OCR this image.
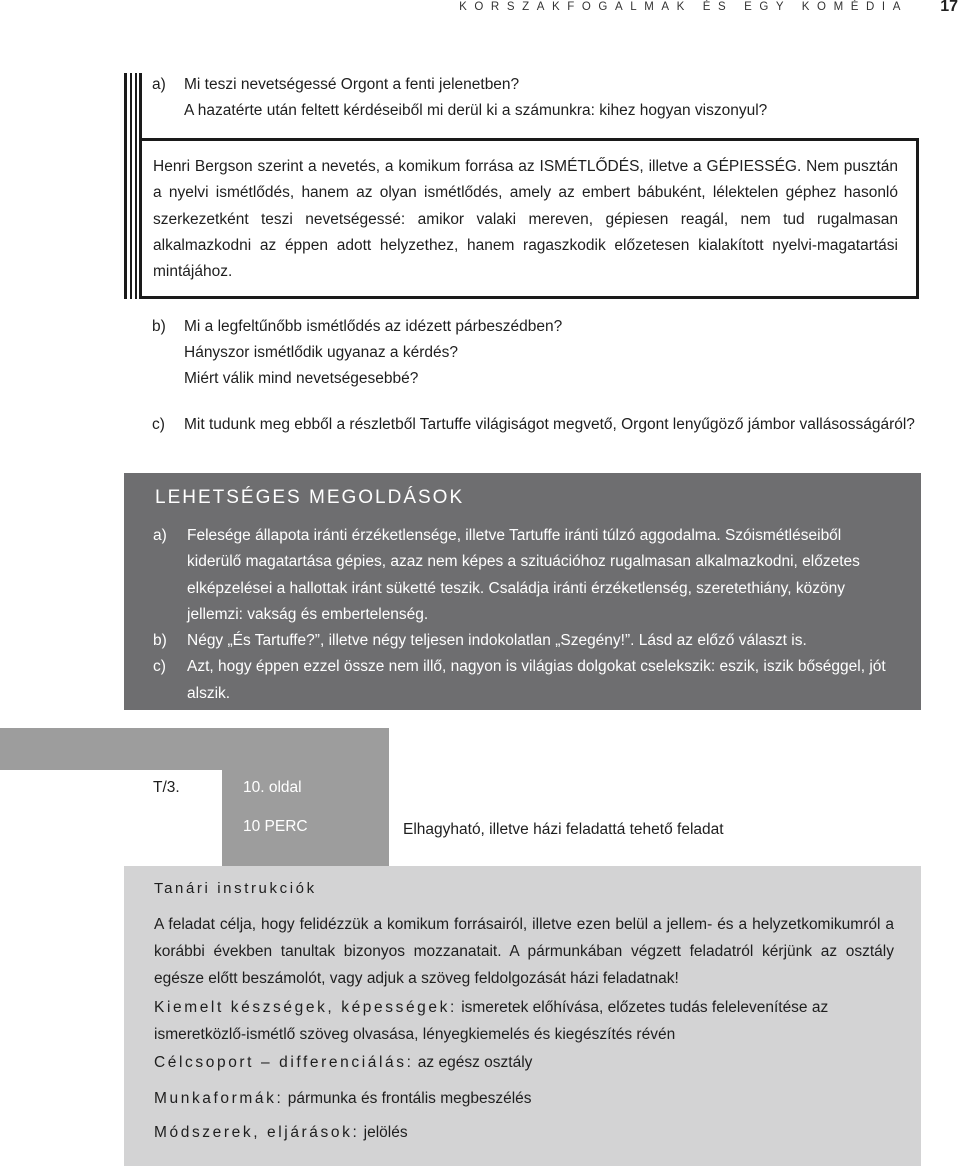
KORSZAKFOGALMAK ÉS EGY KOMÉDIA 17
a)	Mi teszi nevetségessé Orgont a fenti jelenetben?
A hazatérte után feltett kérdéseiből mi derül ki a számunkra: kihez hogyan viszonyul?
Henri Bergson szerint a nevetés, a komikum forrása az ISMÉTLŐDÉS, illetve a GÉPIESSÉG. Nem pusztán a nyelvi ismétlődés, hanem az olyan ismétlődés, amely az embert bábuként, lélektelen géphez hasonló szerkezetként teszi nevetségessé: amikor valaki mereven, gépiesen reagál, nem tud rugalmasan alkalmazkodni az éppen adott helyzethez, hanem ragaszkodik előzetesen kialakított nyelvi-magatartási mintájához.
b)	Mi a legfeltűnőbb ismétlődés az idézett párbeszédben?
Hányszor ismétlődik ugyanaz a kérdés?
Miért válik mind nevetségesebbé?
c)	Mit tudunk meg ebből a részletből Tartuffe világiságot megvető, Orgont lenyűgöző jámbor vallásosságáról?
LEHETSÉGES MEGOLDÁSOK
a)	Felesége állapota iránti érzéketlensége, illetve Tartuffe iránti túlzó aggodalma. Szóismétléseiből kiderülő magatartása gépies, azaz nem képes a szituációhoz rugalmasan alkalmazkodni, előzetes elképzelései a hallottak iránt süketté teszik. Családja iránti érzéketlenség, szeretethiány, közöny jellemzi: vakság és embertelenség.
b)	Négy „És Tartuffe?”, illetve négy teljesen indokolatlan „Szegény!”. Lásd az előző választ is.
c)	Azt, hogy éppen ezzel össze nem illő, nagyon is világias dolgokat cselekszik: eszik, iszik bőséggel, jót alszik.
T/3.	10. oldal
10 PERC	Elhagyható, illetve házi feladattá tehető feladat
Tanári instrukciók
A feladat célja, hogy felidézzük a komikum forrásairól, illetve ezen belül a jellem- és a helyzetkomikumról a korábbi években tanultak bizonyos mozzanatait. A pármunkában végzett feladatról kérjünk az osztály egésze előtt beszámolót, vagy adjuk a szöveg feldolgozását házi feladatnak!
Kiemelt készségek, képességek: ismeretek előhívása, előzetes tudás felelevenítése az ismeretközlő-ismétlő szöveg olvasása, lényegkiemelés és kiegészítés révén
Célcsoport – differenciálás: az egész osztály
Munkaformák: pármunka és frontális megbeszélés
Módszerek, eljárások: jelölés
